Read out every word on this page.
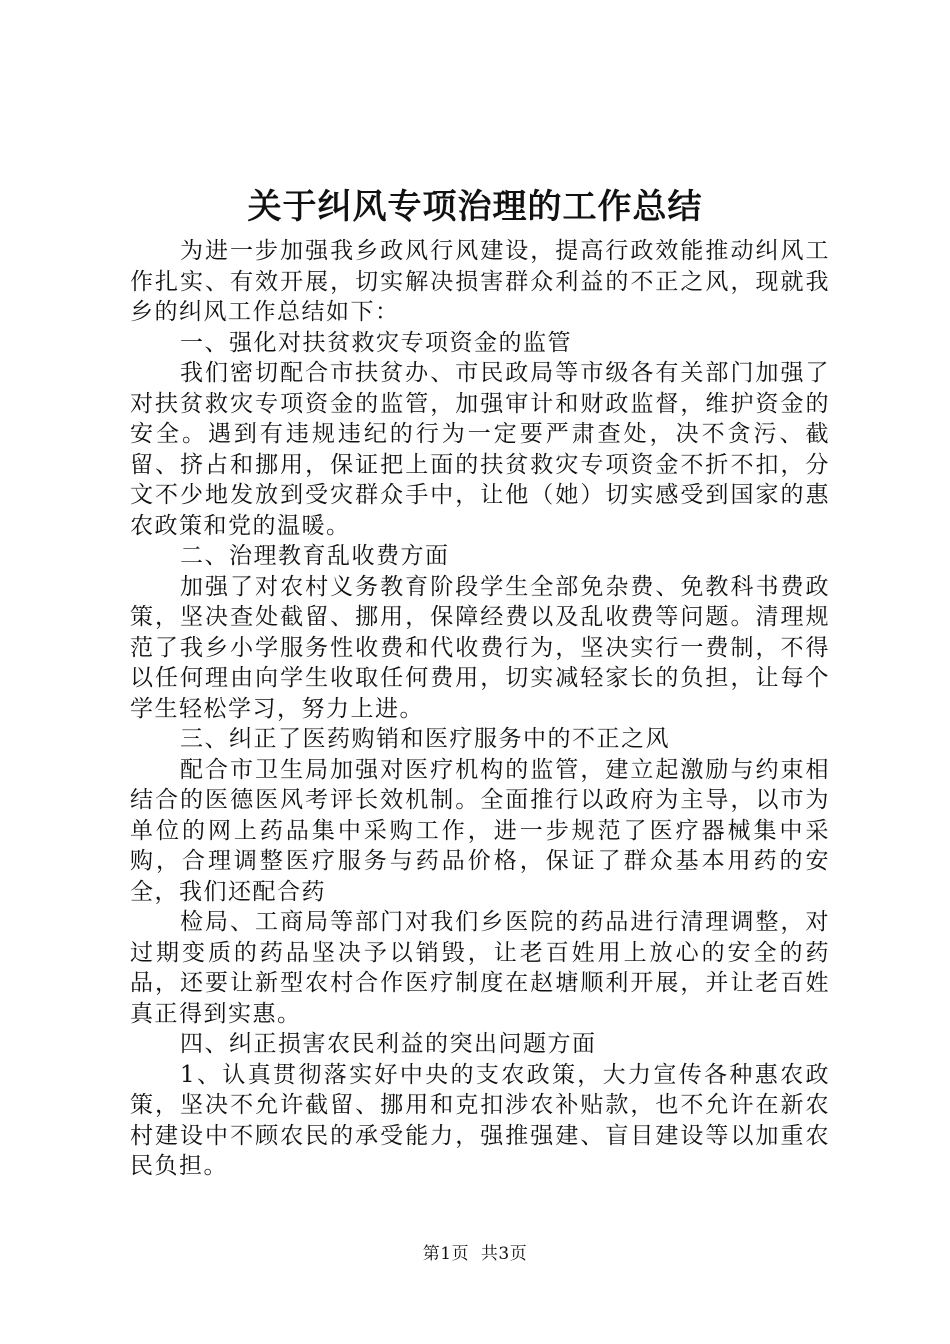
关于纠风专项治理的工作总结

为进一步加强我乡政风行风建设，提高行政效能推动纠风工作扎实、有效开展，切实解决损害群众利益的不正之风，现就我乡的纠风工作总结如下：

一、强化对扶贫救灾专项资金的监管

我们密切配合市扶贫办、市民政局等市级各有关部门加强了对扶贫救灾专项资金的监管，加强审计和财政监督，维护资金的安全。遇到有违规违纪的行为一定要严肃查处，决不贪污、截留、挤占和挪用，保证把上面的扶贫救灾专项资金不折不扣，分文不少地发放到受灾群众手中，让他（她）切实感受到国家的惠农政策和党的温暖。

二、治理教育乱收费方面

加强了对农村义务教育阶段学生全部免杂费、免教科书费政策，坚决查处截留、挪用，保障经费以及乱收费等问题。清理规范了我乡小学服务性收费和代收费行为，坚决实行一费制，不得以任何理由向学生收取任何费用，切实减轻家长的负担，让每个学生轻松学习，努力上进。

三、纠正了医药购销和医疗服务中的不正之风

配合市卫生局加强对医疗机构的监管，建立起激励与约束相结合的医德医风考评长效机制。全面推行以政府为主导，以市为单位的网上药品集中采购工作，进一步规范了医疗器械集中采购，合理调整医疗服务与药品价格，保证了群众基本用药的安全，我们还配合药

检局、工商局等部门对我们乡医院的药品进行清理调整，对过期变质的药品坚决予以销毁，让老百姓用上放心的安全的药品，还要让新型农村合作医疗制度在赵塘顺利开展，并让老百姓真正得到实惠。

四、纠正损害农民利益的突出问题方面

1、认真贯彻落实好中央的支农政策，大力宣传各种惠农政策，坚决不允许截留、挪用和克扣涉农补贴款，也不允许在新农村建设中不顾农民的承受能力，强推强建、盲目建设等以加重农民负担。

第1页 共3页
